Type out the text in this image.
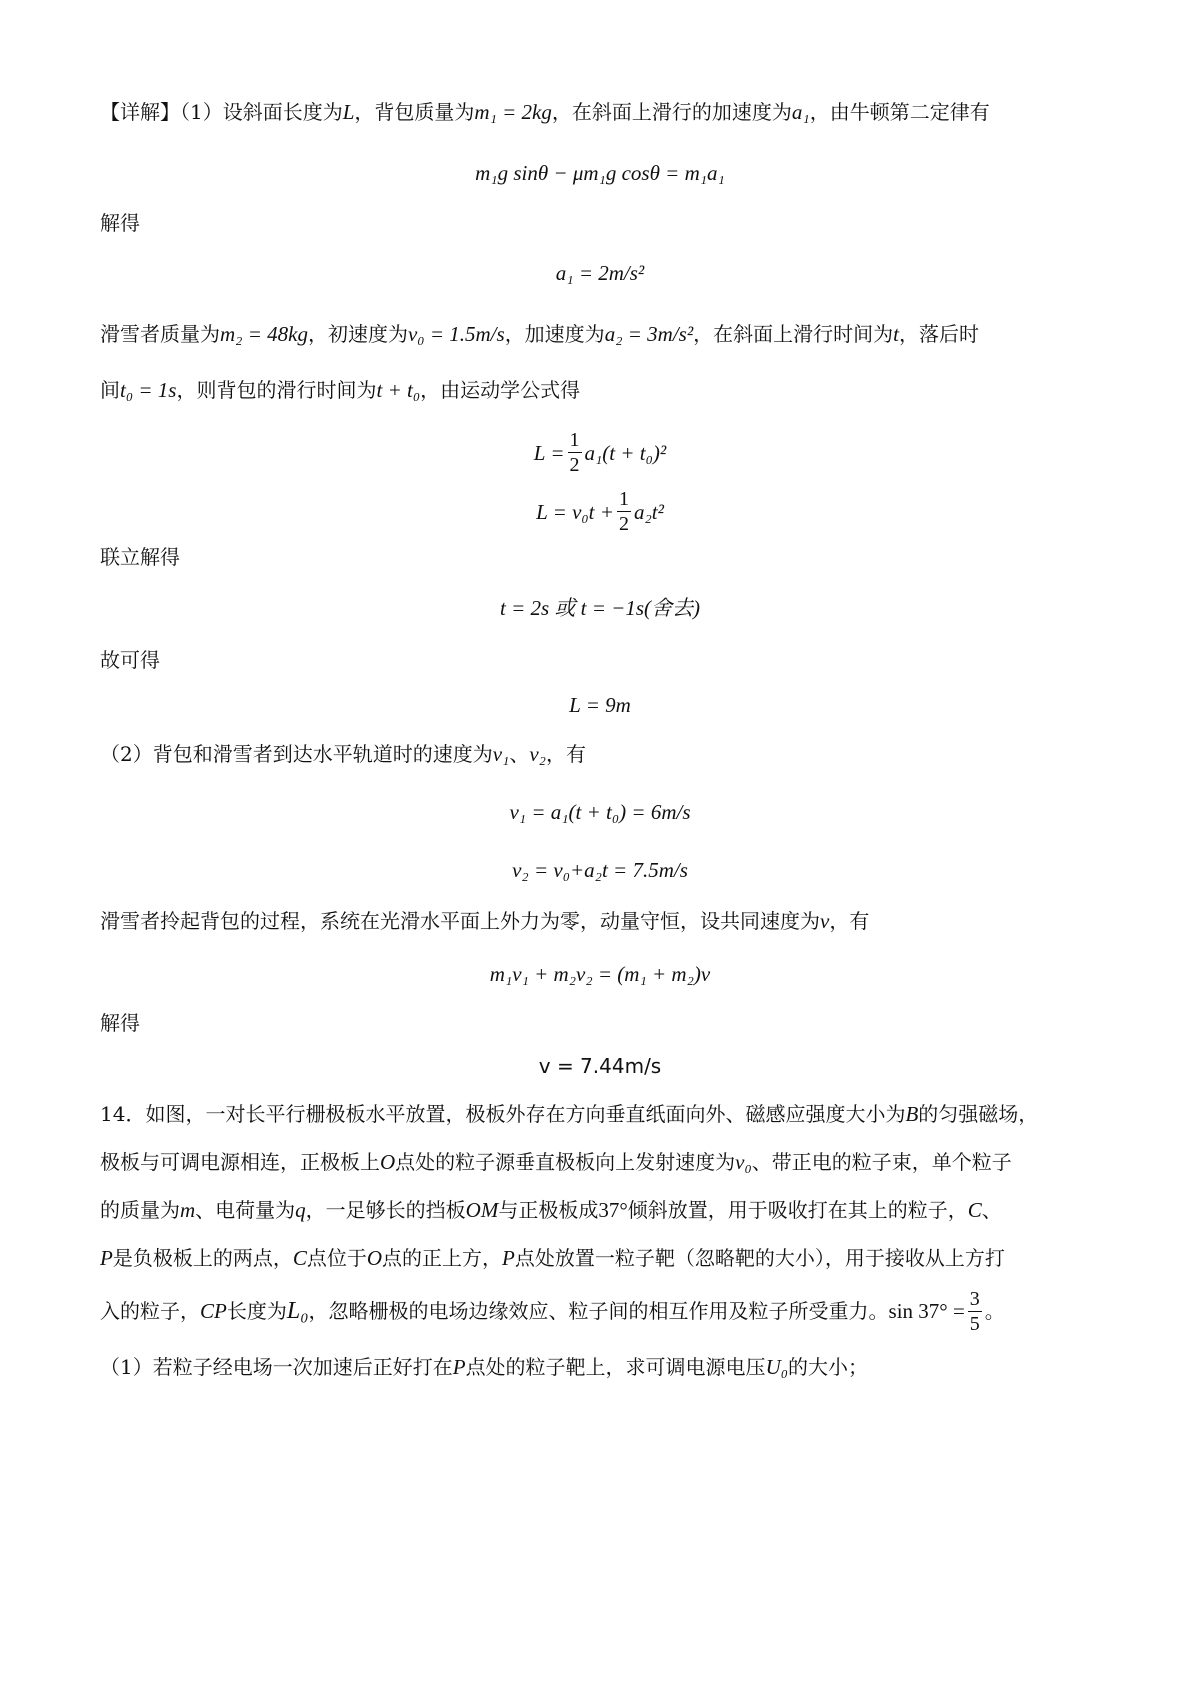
【详解】（1）设斜面长度为L，背包质量为m₁ = 2kg，在斜面上滑行的加速度为a₁，由牛顿第二定律有
m₁g sinθ − μm₁g cosθ = m₁a₁
解得
a₁ = 2m/s²
滑雪者质量为m₂ = 48kg，初速度为v₀ = 1.5m/s，加速度为a₂ = 3m/s²，在斜面上滑行时间为t，落后时
间t₀ = 1s，则背包的滑行时间为t + t₀，由运动学公式得
$L = \frac{1}{2} a_1(t + t_0)^2$
$L = v_0t + \frac{1}{2} a_2t^2$
联立解得
t = 2s 或 t = −1s(舍去)
故可得
L = 9m
（2）背包和滑雪者到达水平轨道时的速度为v₁、v₂，有
v₁ = a₁(t + t₀) = 6m/s
v₂ = v₀+a₂t = 7.5m/s
滑雪者拎起背包的过程，系统在光滑水平面上外力为零，动量守恒，设共同速度为v，有
m₁v₁ + m₂v₂ = (m₁ + m₂)v
解得
v = 7.44m/s
14．如图，一对长平行栅极板水平放置，极板外存在方向垂直纸面向外、磁感应强度大小为B的匀强磁场，
极板与可调电源相连，正极板上O点处的粒子源垂直极板向上发射速度为v₀、带正电的粒子束，单个粒子
的质量为m、电荷量为q，一足够长的挡板OM与正极板成37°倾斜放置，用于吸收打在其上的粒子，C、
P是负极板上的两点，C点位于O点的正上方，P点处放置一粒子靶（忽略靶的大小），用于接收从上方打
入的粒子， CP 长度为 L₀ ，忽略栅极的电场边缘效应、粒子间的相互作用及粒子所受重力。 $\sin 37^\circ = \frac{3}{5}$ 。
（1）若粒子经电场一次加速后正好打在P点处的粒子靶上，求可调电源电压U₀的大小；
